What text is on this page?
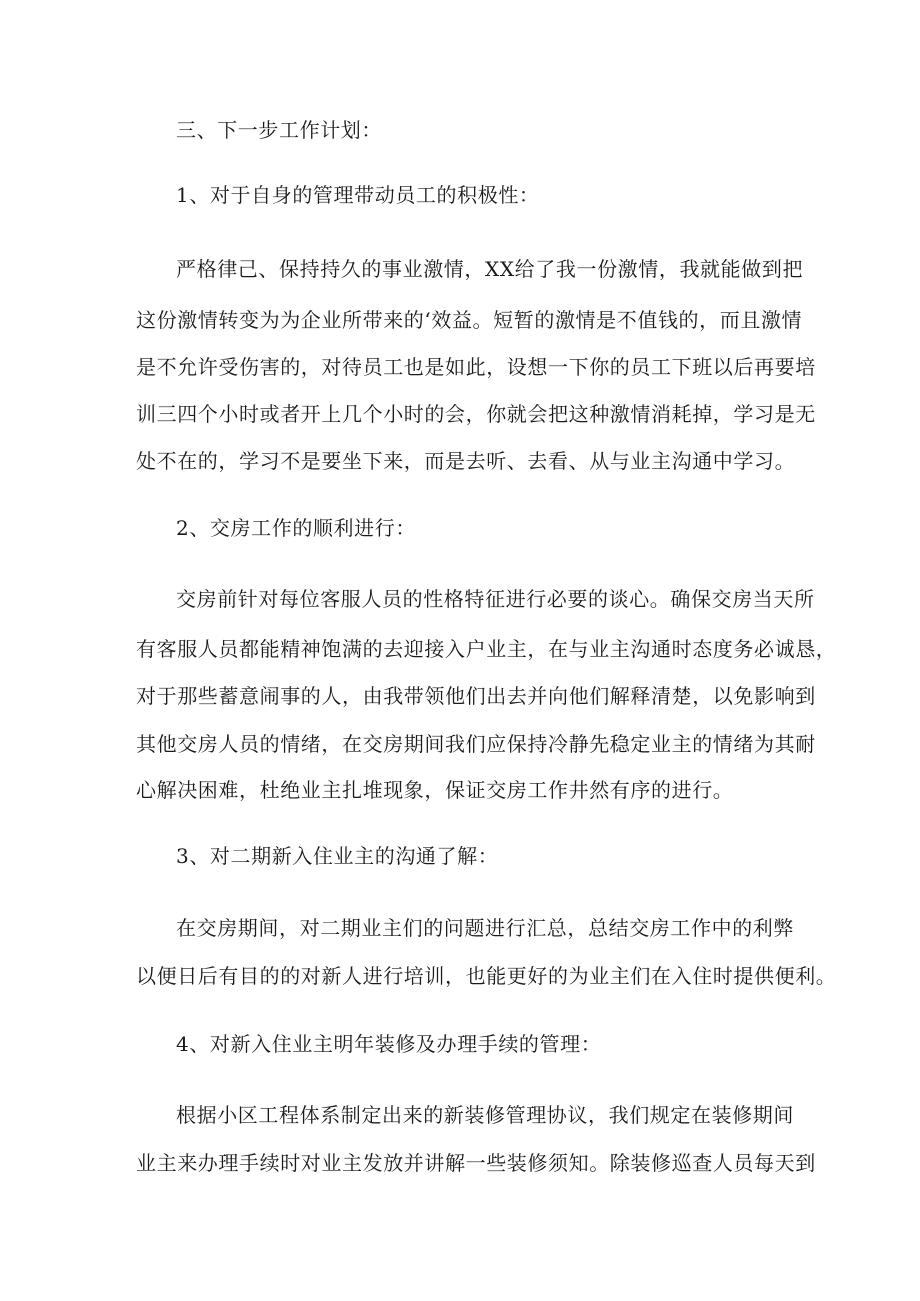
三、下一步工作计划：
1、对于自身的管理带动员工的积极性：
严格律己、保持持久的事业激情，XX给了我一份激情，我就能做到把
这份激情转变为为企业所带来的‘效益。短暂的激情是不值钱的，而且激情
是不允许受伤害的，对待员工也是如此，设想一下你的员工下班以后再要培
训三四个小时或者开上几个小时的会，你就会把这种激情消耗掉，学习是无
处不在的，学习不是要坐下来，而是去听、去看、从与业主沟通中学习。
2、交房工作的顺利进行：
交房前针对每位客服人员的性格特征进行必要的谈心。确保交房当天所
有客服人员都能精神饱满的去迎接入户业主，在与业主沟通时态度务必诚恳，
对于那些蓄意闹事的人，由我带领他们出去并向他们解释清楚，以免影响到
其他交房人员的情绪，在交房期间我们应保持冷静先稳定业主的情绪为其耐
心解决困难，杜绝业主扎堆现象，保证交房工作井然有序的进行。
3、对二期新入住业主的沟通了解：
在交房期间，对二期业主们的问题进行汇总，总结交房工作中的利弊
以便日后有目的的对新人进行培训，也能更好的为业主们在入住时提供便利。
4、对新入住业主明年装修及办理手续的管理：
根据小区工程体系制定出来的新装修管理协议，我们规定在装修期间
业主来办理手续时对业主发放并讲解一些装修须知。除装修巡查人员每天到
